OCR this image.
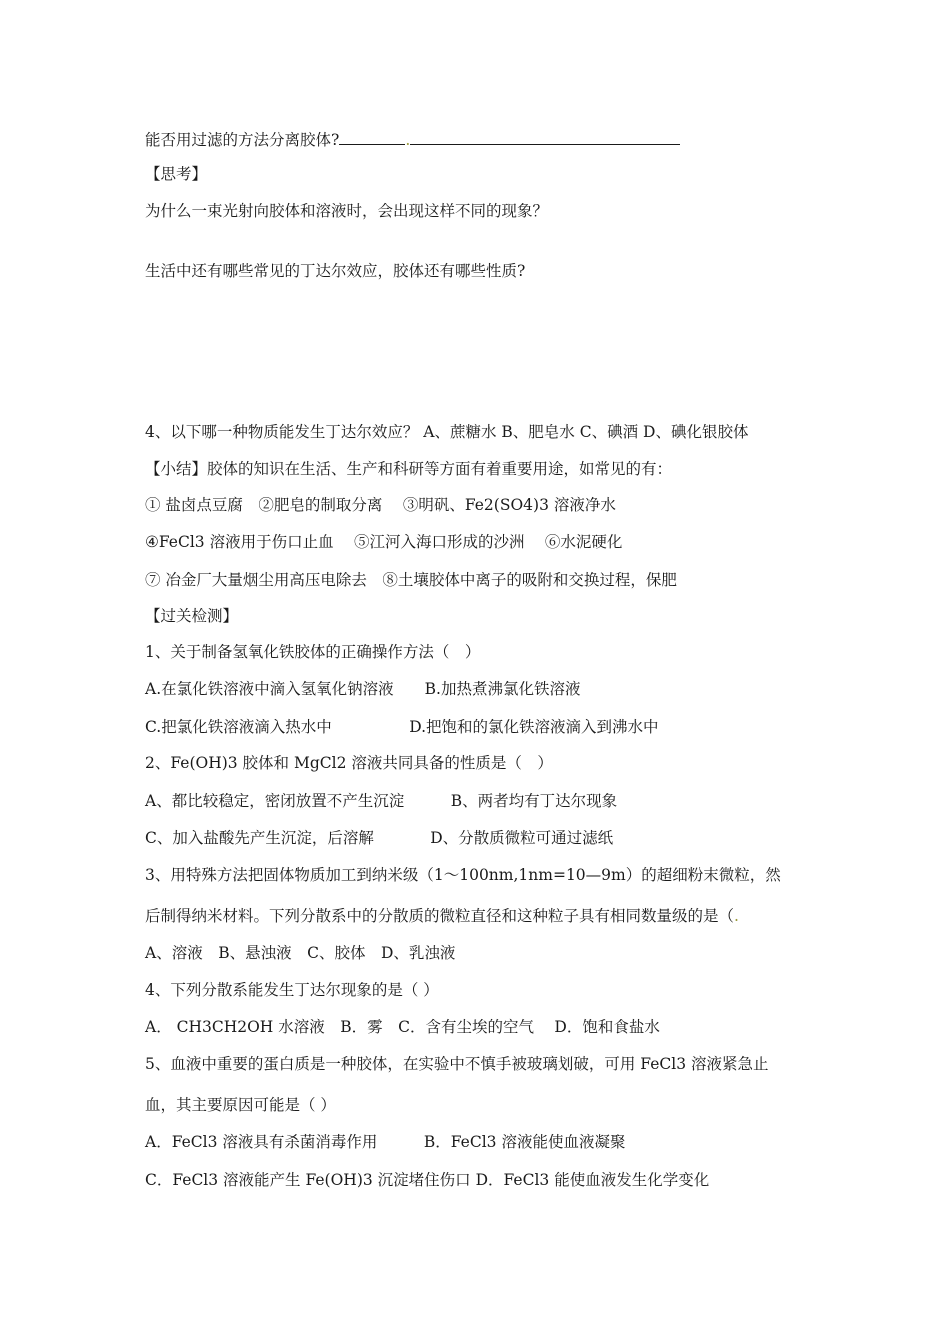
能否用过滤的方法分离胶体?	.
【思考】
为什么一束光射向胶体和溶液时，会出现这样不同的现象？
生活中还有哪些常见的丁达尔效应，胶体还有哪些性质?
4、以下哪一种物质能发生丁达尔效应？ A、蔗糖水 B、肥皂水 C、碘酒 D、碘化银胶体
【小结】胶体的知识在生活、生产和科研等方面有着重要用途，如常见的有：
① 盐卤点豆腐　②肥皂的制取分离　 ③明矾、Fe2(SO4)3 溶液净水
④FeCl3 溶液用于伤口止血　 ⑤江河入海口形成的沙洲　 ⑥水泥硬化
⑦ 冶金厂大量烟尘用高压电除去　⑧土壤胶体中离子的吸附和交换过程，保肥
【过关检测】
1、关于制备氢氧化铁胶体的正确操作方法（　）
A.在氯化铁溶液中滴入氢氧化钠溶液　　B.加热煮沸氯化铁溶液
C.把氯化铁溶液滴入热水中　　　　　D.把饱和的氯化铁溶液滴入到沸水中
2、Fe(OH)3 胶体和 MgCl2 溶液共同具备的性质是（　）
A、都比较稳定，密闭放置不产生沉淀　　　B、两者均有丁达尔现象
C、加入盐酸先产生沉淀，后溶解　 　　 D、分散质微粒可通过滤纸
3、用特殊方法把固体物质加工到纳米级（1～100nm,1nm=10—9m）的超细粉末微粒，然
后制得纳米材料。下列分散系中的分散质的微粒直径和这种粒子具有相同数量级的是（.
A、溶液　B、悬浊液　C、胶体　D、乳浊液
4、下列分散系能发生丁达尔现象的是（ ）
A． CH3CH2OH 水溶液　B．雾　C．含有尘埃的空气　 D．饱和食盐水
5、血液中重要的蛋白质是一种胶体，在实验中不慎手被玻璃划破，可用 FeCl3 溶液紧急止
血，其主要原因可能是（ ）
A．FeCl3 溶液具有杀菌消毒作用　　　B．FeCl3 溶液能使血液凝聚
C．FeCl3 溶液能产生 Fe(OH)3 沉淀堵住伤口 D．FeCl3 能使血液发生化学变化
